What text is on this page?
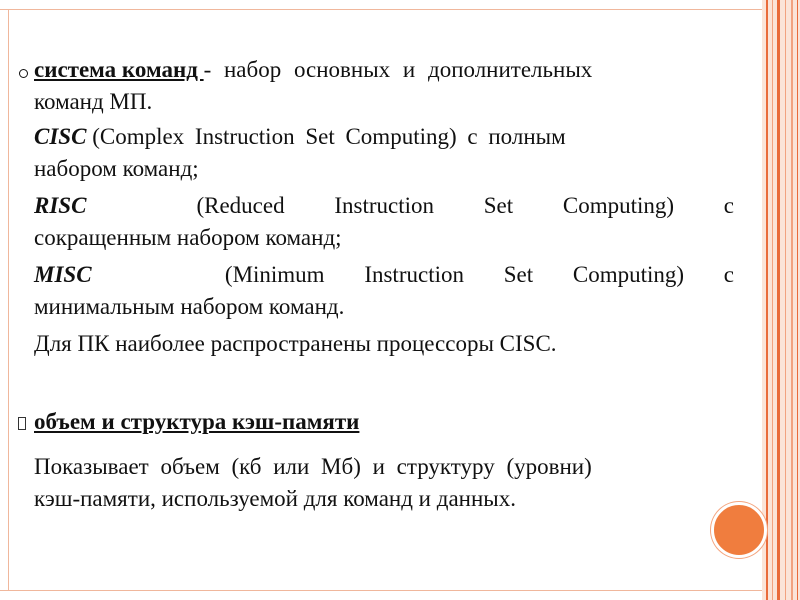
система команд - набор основных и дополнительных
команд МП.
CISC (Complex Instruction Set Computing) с полным
набором команд;
RISC	(Reduced Instruction Set Computing) с
сокращенным набором команд;
MISC	(Minimum Instruction Set Computing) с
минимальным набором команд.
Для ПК наиболее распространены процессоры CISC.
объем и структура кэш-памяти
Показывает объем (кб или Мб) и структуру (уровни)
кэш-памяти, используемой для команд и данных.
